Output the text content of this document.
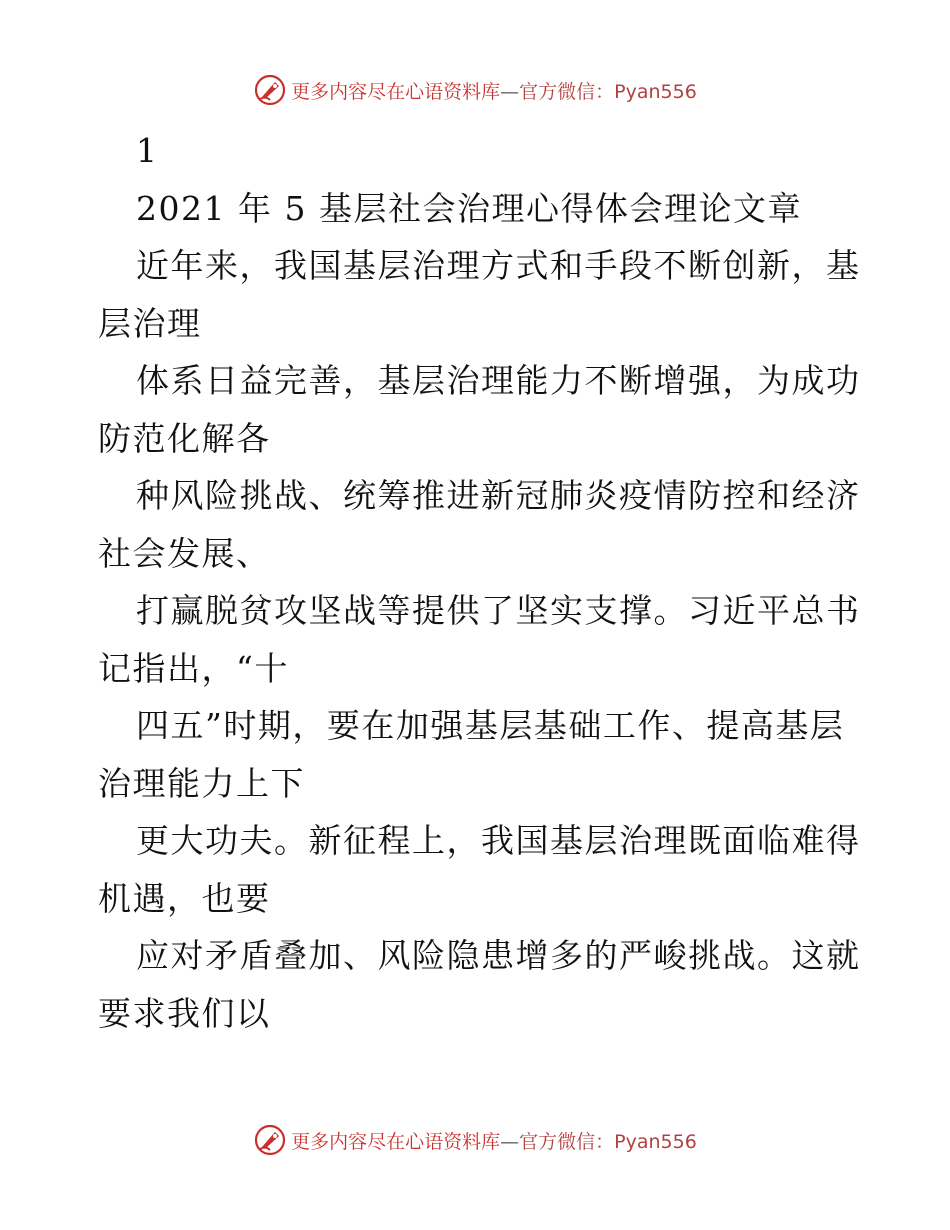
更多内容尽在心语资料库—官方微信：Pyan556
1
2021 年 5 基层社会治理心得体会理论文章
近年来，我国基层治理方式和手段不断创新，基
层治理
体系日益完善，基层治理能力不断增强，为成功
防范化解各
种风险挑战、统筹推进新冠肺炎疫情防控和经济
社会发展、
打赢脱贫攻坚战等提供了坚实支撑。习近平总书
记指出，“十
四五”时期，要在加强基层基础工作、提高基层
治理能力上下
更大功夫。新征程上，我国基层治理既面临难得
机遇，也要
应对矛盾叠加、风险隐患增多的严峻挑战。这就
要求我们以
更多内容尽在心语资料库—官方微信：Pyan556
